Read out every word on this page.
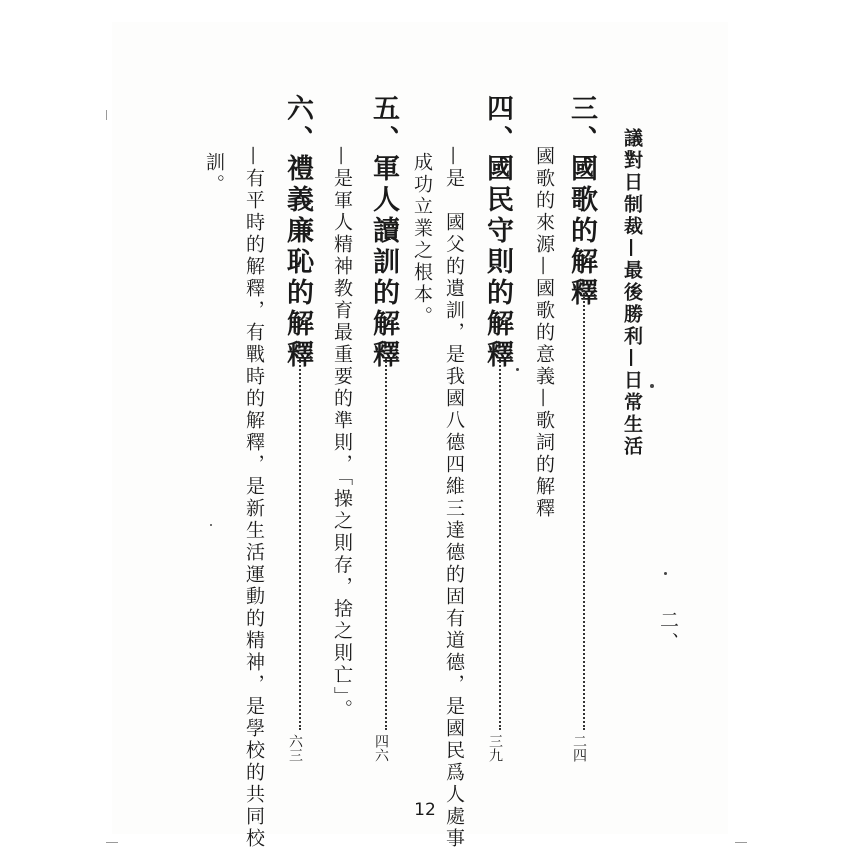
議對日制裁—最後勝利—日常生活
三、
國歌的解釋
二四
國歌的來源—國歌的意義—歌詞的解釋
四、
國民守則的解釋
三九
—是　國父的遺訓，是我國八德四維三達德的固有道德，是國民爲人處事
成功立業之根本。
五、
軍人讀訓的解釋
四六
—是軍人精神教育最重要的準則，「操之則存，捨之則亡」。
六、
禮義廉恥的解釋
六三
—有平時的解釋，有戰時的解釋，是新生活運動的精神，是學校的共同校
訓。
二、
12
